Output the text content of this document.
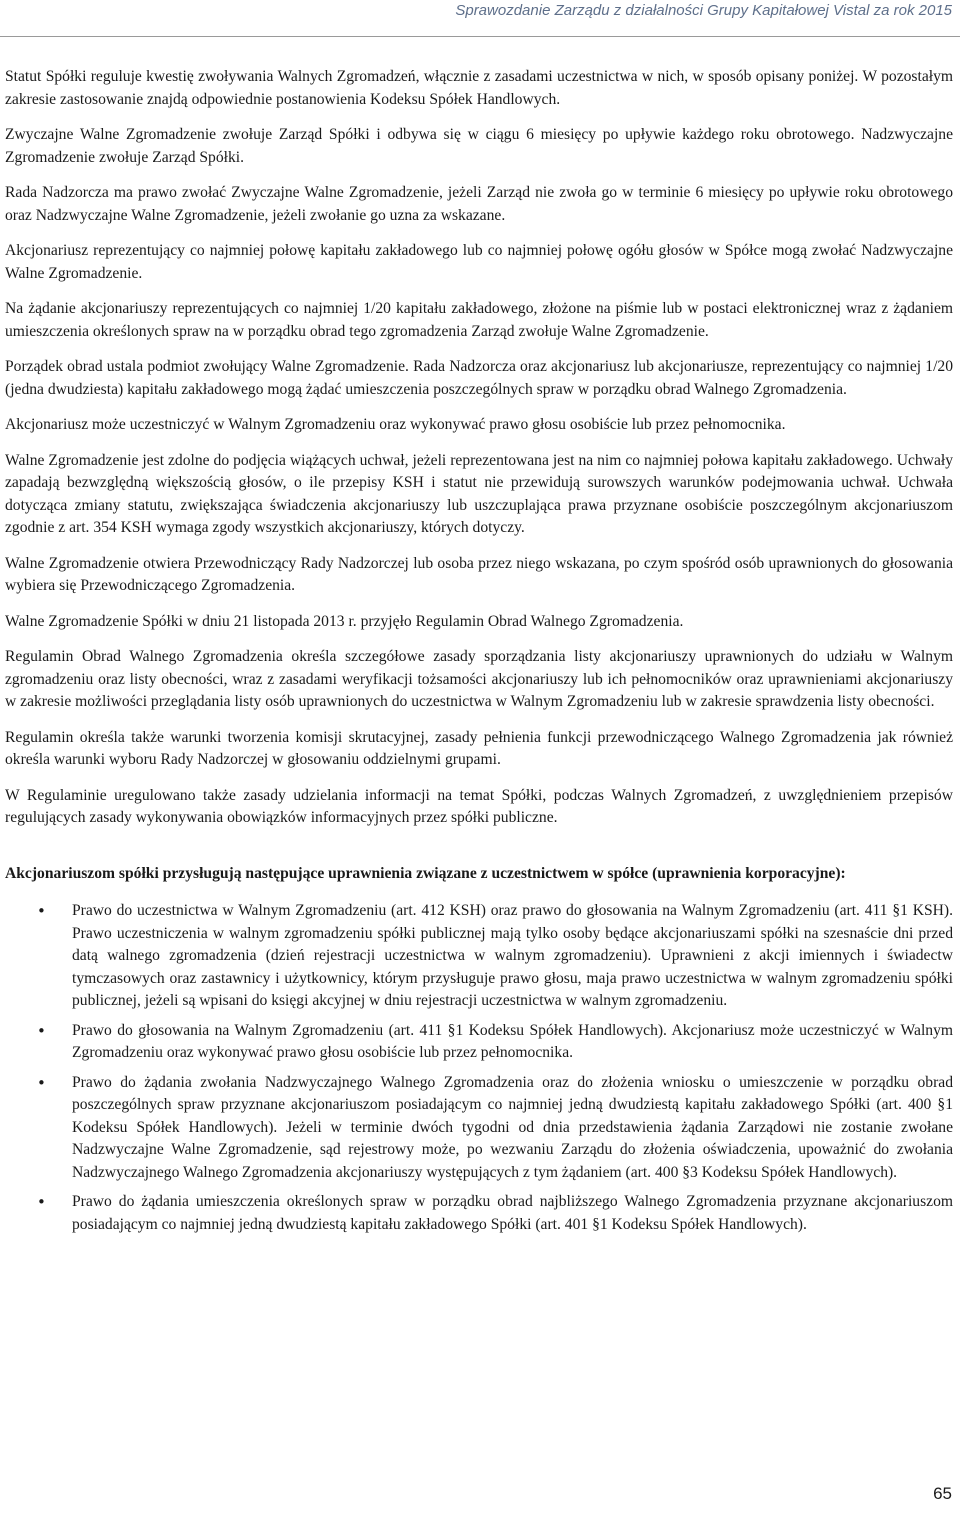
Sprawozdanie Zarządu z działalności Grupy Kapitałowej Vistal za rok 2015

Statut Spółki reguluje kwestię zwoływania Walnych Zgromadzeń, włącznie z zasadami uczestnictwa w nich, w sposób opisany poniżej. W pozostałym zakresie zastosowanie znajdą odpowiednie postanowienia Kodeksu Spółek Handlowych.

Zwyczajne Walne Zgromadzenie zwołuje Zarząd Spółki i odbywa się w ciągu 6 miesięcy po upływie każdego roku obrotowego. Nadzwyczajne Zgromadzenie zwołuje Zarząd Spółki.

Rada Nadzorcza ma prawo zwołać Zwyczajne Walne Zgromadzenie, jeżeli Zarząd nie zwoła go w terminie 6 miesięcy po upływie roku obrotowego oraz Nadzwyczajne Walne Zgromadzenie, jeżeli zwołanie go uzna za wskazane.

Akcjonariusz reprezentujący co najmniej połowę kapitału zakładowego lub co najmniej połowę ogółu głosów w Spółce mogą zwołać Nadzwyczajne Walne Zgromadzenie.

Na żądanie akcjonariuszy reprezentujących co najmniej 1/20 kapitału zakładowego, złożone na piśmie lub w postaci elektronicznej wraz z żądaniem umieszczenia określonych spraw na w porządku obrad tego zgromadzenia Zarząd zwołuje Walne Zgromadzenie.

Porządek obrad ustala podmiot zwołujący Walne Zgromadzenie. Rada Nadzorcza oraz akcjonariusz lub akcjonariusze, reprezentujący co najmniej 1/20 (jedna dwudziesta) kapitału zakładowego mogą żądać umieszczenia poszczególnych spraw w porządku obrad Walnego Zgromadzenia.

Akcjonariusz może uczestniczyć w Walnym Zgromadzeniu oraz wykonywać prawo głosu osobiście lub przez pełnomocnika.

Walne Zgromadzenie jest zdolne do podjęcia wiążących uchwał, jeżeli reprezentowana jest na nim co najmniej połowa kapitału zakładowego. Uchwały zapadają bezwzględną większością głosów, o ile przepisy KSH i statut nie przewidują surowszych warunków podejmowania uchwał. Uchwała dotycząca zmiany statutu, zwiększająca świadczenia akcjonariuszy lub uszczuplająca prawa przyznane osobiście poszczególnym akcjonariuszom zgodnie z art. 354 KSH wymaga zgody wszystkich akcjonariuszy, których dotyczy.

Walne Zgromadzenie otwiera Przewodniczący Rady Nadzorczej lub osoba przez niego wskazana, po czym spośród osób uprawnionych do głosowania wybiera się Przewodniczącego Zgromadzenia.

Walne Zgromadzenie Spółki w dniu 21 listopada 2013 r. przyjęło Regulamin Obrad Walnego Zgromadzenia.

Regulamin Obrad Walnego Zgromadzenia określa szczegółowe zasady sporządzania listy akcjonariuszy uprawnionych do udziału w Walnym zgromadzeniu oraz listy obecności, wraz z zasadami weryfikacji tożsamości akcjonariuszy lub ich pełnomocników oraz uprawnieniami akcjonariuszy w zakresie możliwości przeglądania listy osób uprawnionych do uczestnictwa w Walnym Zgromadzeniu lub w zakresie sprawdzenia listy obecności.

Regulamin określa także warunki tworzenia komisji skrutacyjnej, zasady pełnienia funkcji przewodniczącego Walnego Zgromadzenia jak również określa warunki wyboru Rady Nadzorczej w głosowaniu oddzielnymi grupami.

W Regulaminie uregulowano także zasady udzielania informacji na temat Spółki, podczas Walnych Zgromadzeń, z uwzględnieniem przepisów regulujących zasady wykonywania obowiązków informacyjnych przez spółki publiczne.

Akcjonariuszom spółki przysługują następujące uprawnienia związane z uczestnictwem w spółce (uprawnienia korporacyjne):

• Prawo do uczestnictwa w Walnym Zgromadzeniu (art. 412 KSH) oraz prawo do głosowania na Walnym Zgromadzeniu (art. 411 §1 KSH). Prawo uczestniczenia w walnym zgromadzeniu spółki publicznej mają tylko osoby będące akcjonariuszami spółki na szesnaście dni przed datą walnego zgromadzenia (dzień rejestracji uczestnictwa w walnym zgromadzeniu). Uprawnieni z akcji imiennych i świadectw tymczasowych oraz zastawnicy i użytkownicy, którym przysługuje prawo głosu, maja prawo uczestnictwa w walnym zgromadzeniu spółki publicznej, jeżeli są wpisani do księgi akcyjnej w dniu rejestracji uczestnictwa w walnym zgromadzeniu.
• Prawo do głosowania na Walnym Zgromadzeniu (art. 411 §1 Kodeksu Spółek Handlowych). Akcjonariusz może uczestniczyć w Walnym Zgromadzeniu oraz wykonywać prawo głosu osobiście lub przez pełnomocnika.
• Prawo do żądania zwołania Nadzwyczajnego Walnego Zgromadzenia oraz do złożenia wniosku o umieszczenie w porządku obrad poszczególnych spraw przyznane akcjonariuszom posiadającym co najmniej jedną dwudziestą kapitału zakładowego Spółki (art. 400 §1 Kodeksu Spółek Handlowych). Jeżeli w terminie dwóch tygodni od dnia przedstawienia żądania Zarządowi nie zostanie zwołane Nadzwyczajne Walne Zgromadzenie, sąd rejestrowy może, po wezwaniu Zarządu do złożenia oświadczenia, upoważnić do zwołania Nadzwyczajnego Walnego Zgromadzenia akcjonariuszy występujących z tym żądaniem (art. 400 §3 Kodeksu Spółek Handlowych).
• Prawo do żądania umieszczenia określonych spraw w porządku obrad najbliższego Walnego Zgromadzenia przyznane akcjonariuszom posiadającym co najmniej jedną dwudziestą kapitału zakładowego Spółki (art. 401 §1 Kodeksu Spółek Handlowych).
65
